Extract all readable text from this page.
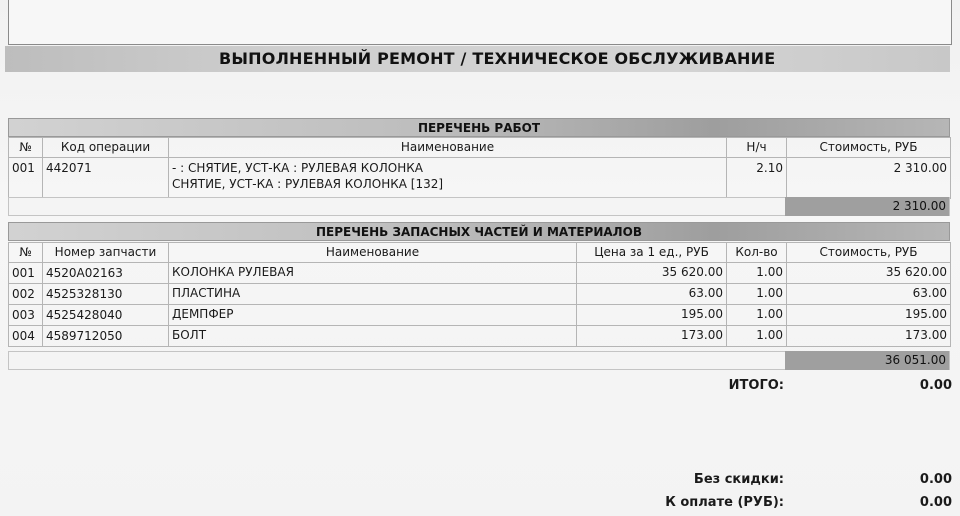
ВЫПОЛНЕННЫЙ РЕМОНТ / ТЕХНИЧЕСКОЕ ОБСЛУЖИВАНИЕ
ПЕРЕЧЕНЬ РАБОТ
№	Код операции	Наименование	Н/ч	Стоимость, РУБ
001	442071	- : СНЯТИЕ, УСТ-КА : РУЛЕВАЯ КОЛОНКА
СНЯТИЕ, УСТ-КА : РУЛЕВАЯ КОЛОНКА [132]	2.10	2 310.00
2 310.00
ПЕРЕЧЕНЬ ЗАПАСНЫХ ЧАСТЕЙ И МАТЕРИАЛОВ
№	Номер запчасти	Наименование	Цена за 1 ед., РУБ	Кол-во	Стоимость, РУБ
001	4520A02163	КОЛОНКА РУЛЕВАЯ	35 620.00	1.00	35 620.00
002	4525328130	ПЛАСТИНА	63.00	1.00	63.00
003	4525428040	ДЕМПФЕР	195.00	1.00	195.00
004	4589712050	БОЛТ	173.00	1.00	173.00
36 051.00
ИТОГО:	0.00
Без скидки:	0.00
К оплате (РУБ):	0.00
